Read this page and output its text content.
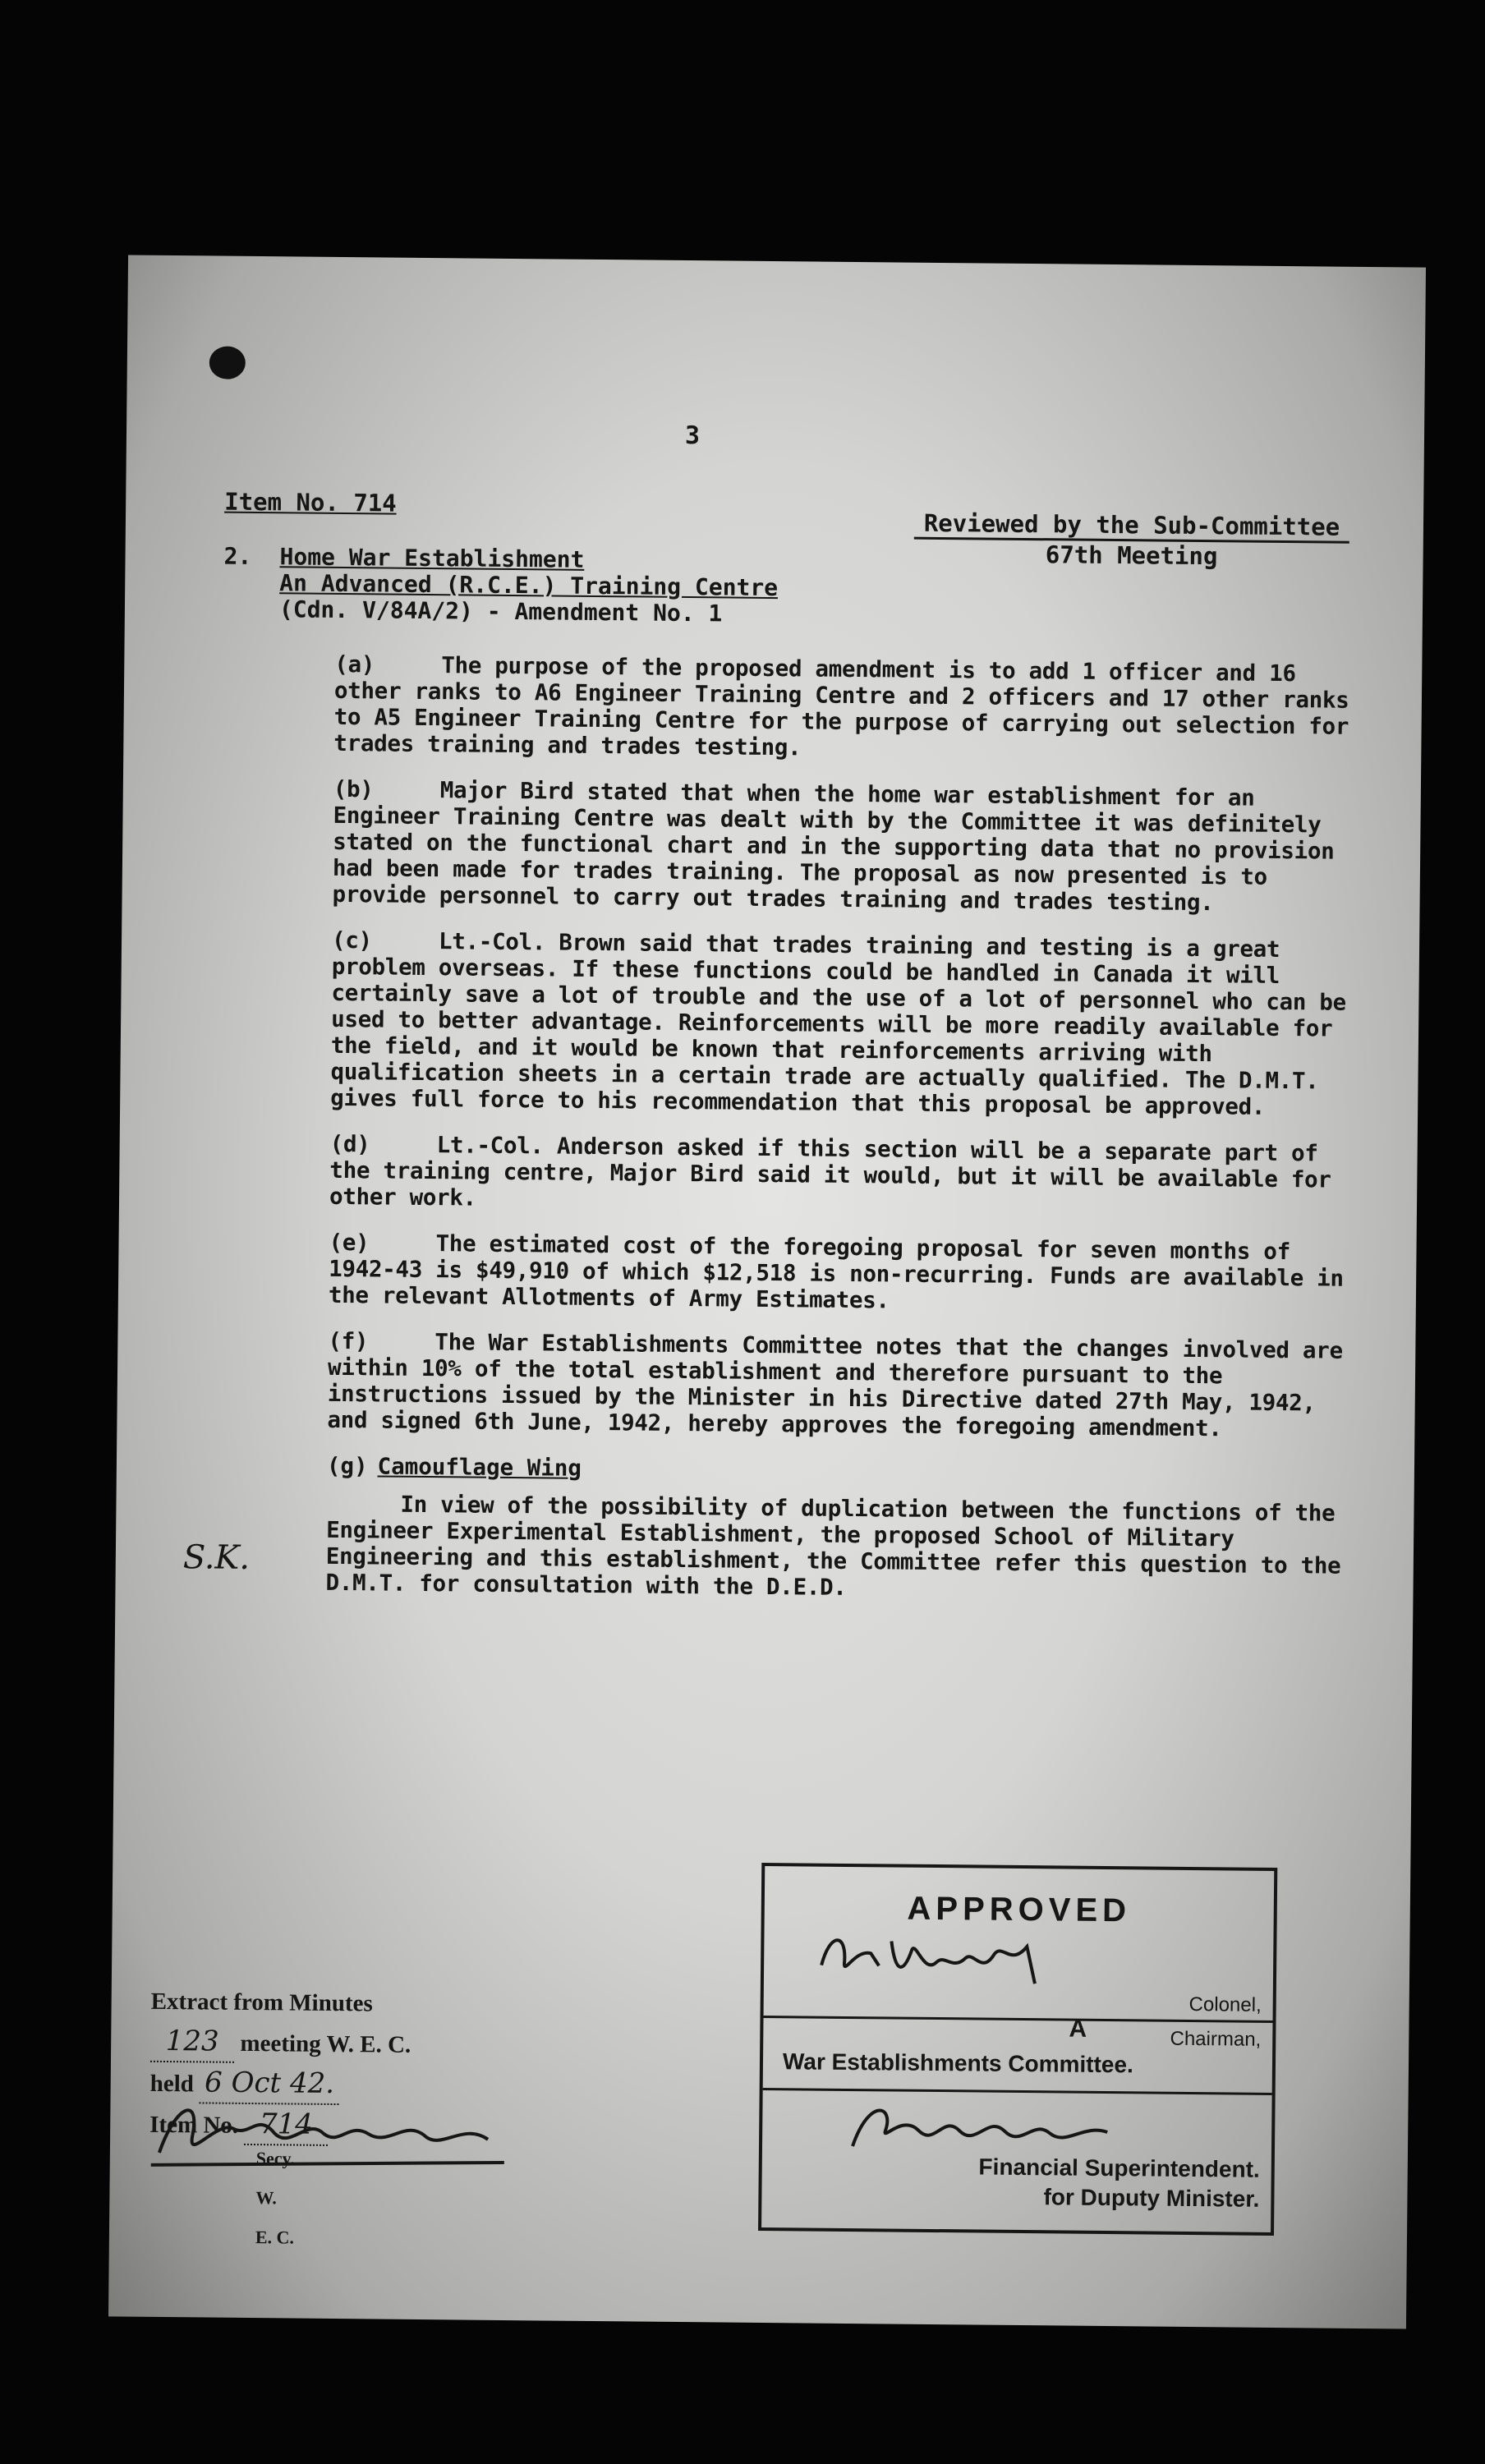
3
Item No. 714
Reviewed by the Sub-Committee
67th Meeting
2. Home War Establishment
An Advanced (R.C.E.) Training Centre
(Cdn. V/84A/2) - Amendment No. 1

(a)	The purpose of the proposed amendment is to add 1 officer and 16 other ranks to A6 Engineer Training Centre and 2 officers and 17 other ranks to A5 Engineer Training Centre for the purpose of carrying out selection for trades training and trades testing.

(b)	Major Bird stated that when the home war establishment for an Engineer Training Centre was dealt with by the Committee it was definitely stated on the functional chart and in the supporting data that no provision had been made for trades training. The proposal as now presented is to provide personnel to carry out trades training and trades testing.

(c)	Lt.-Col. Brown said that trades training and testing is a great problem overseas. If these functions could be handled in Canada it will certainly save a lot of trouble and the use of a lot of personnel who can be used to better advantage. Reinforcements will be more readily available for the field, and it would be known that reinforcements arriving with qualification sheets in a certain trade are actually qualified. The D.M.T. gives full force to his recommendation that this proposal be approved.

(d)	Lt.-Col. Anderson asked if this section will be a separate part of the training centre, Major Bird said it would, but it will be available for other work.

(e)	The estimated cost of the foregoing proposal for seven months of 1942-43 is $49,910 of which $12,518 is non-recurring. Funds are available in the relevant Allotments of Army Estimates.

(f)	The War Establishments Committee notes that the changes involved are within 10% of the total establishment and therefore pursuant to the instructions issued by the Minister in his Directive dated 27th May, 1942, and signed 6th June, 1942, hereby approves the foregoing amendment.

(g) Camouflage Wing

In view of the possibility of duplication between the functions of the Engineer Experimental Establishment, the proposed School of Military Engineering and this establishment, the Committee refer this question to the D.M.T. for consultation with the D.E.D.

S.K.
APPROVED
Colonel,
A	Chairman,
War Establishments Committee.
Financial Superintendent.
for Duputy Minister.
Extract from Minutes
123 meeting W. E. C.
held 6 Oct 42.
Item No. 714
Secy. W. E. C.
